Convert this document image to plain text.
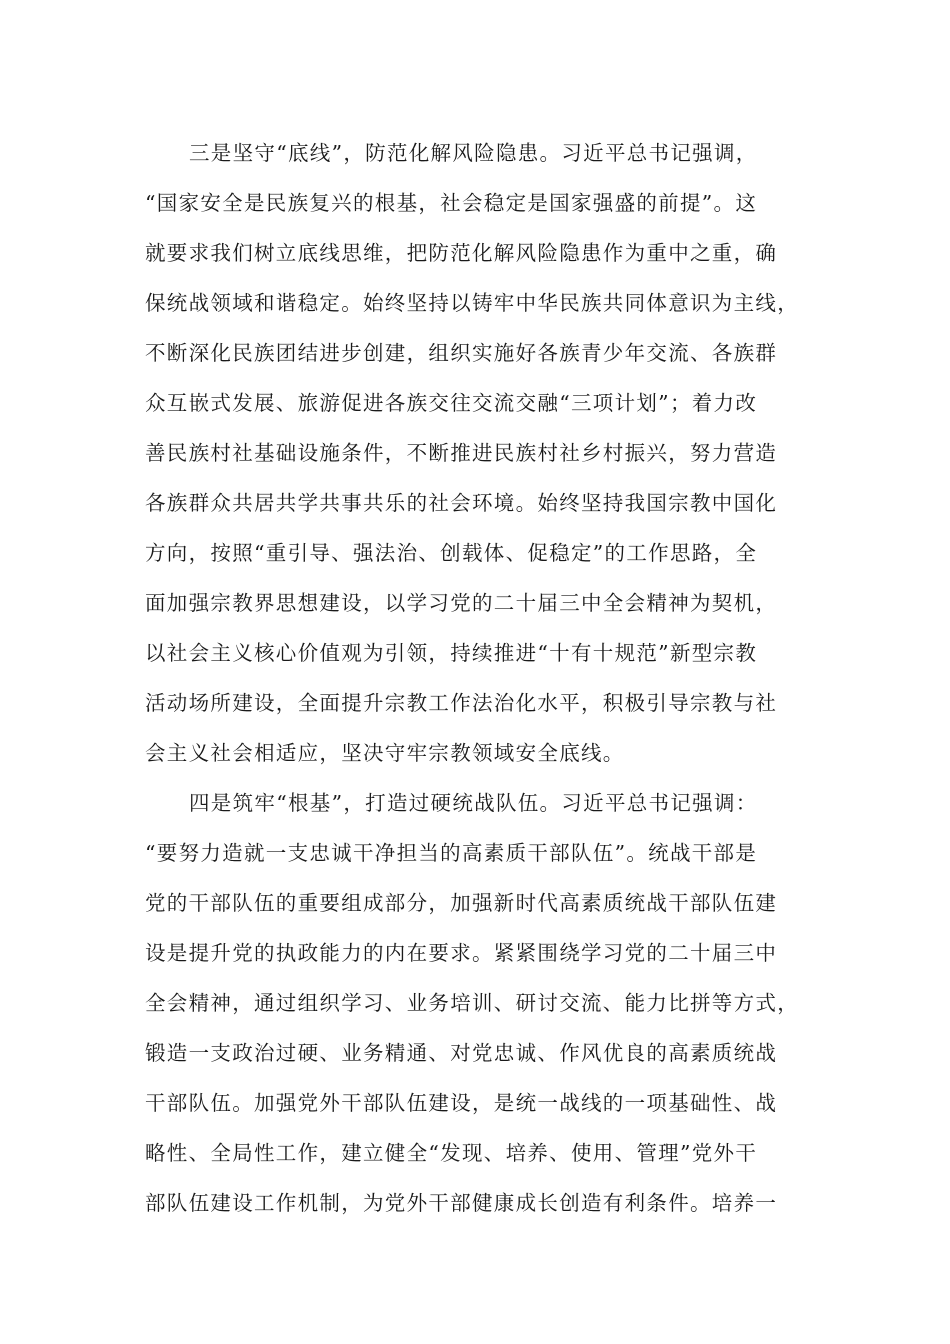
三是坚守“底线”，防范化解风险隐患。习近平总书记强调，
“国家安全是民族复兴的根基，社会稳定是国家强盛的前提”。这
就要求我们树立底线思维，把防范化解风险隐患作为重中之重，确
保统战领域和谐稳定。始终坚持以铸牢中华民族共同体意识为主线，
不断深化民族团结进步创建，组织实施好各族青少年交流、各族群
众互嵌式发展、旅游促进各族交往交流交融“三项计划”；着力改
善民族村社基础设施条件，不断推进民族村社乡村振兴，努力营造
各族群众共居共学共事共乐的社会环境。始终坚持我国宗教中国化
方向，按照“重引导、强法治、创载体、促稳定”的工作思路，全
面加强宗教界思想建设，以学习党的二十届三中全会精神为契机，
以社会主义核心价值观为引领，持续推进“十有十规范”新型宗教
活动场所建设，全面提升宗教工作法治化水平，积极引导宗教与社
会主义社会相适应，坚决守牢宗教领域安全底线。
四是筑牢“根基”，打造过硬统战队伍。习近平总书记强调：
“要努力造就一支忠诚干净担当的高素质干部队伍”。统战干部是
党的干部队伍的重要组成部分，加强新时代高素质统战干部队伍建
设是提升党的执政能力的内在要求。紧紧围绕学习党的二十届三中
全会精神，通过组织学习、业务培训、研讨交流、能力比拼等方式，
锻造一支政治过硬、业务精通、对党忠诚、作风优良的高素质统战
干部队伍。加强党外干部队伍建设，是统一战线的一项基础性、战
略性、全局性工作，建立健全“发现、培养、使用、管理”党外干
部队伍建设工作机制，为党外干部健康成长创造有利条件。培养一
